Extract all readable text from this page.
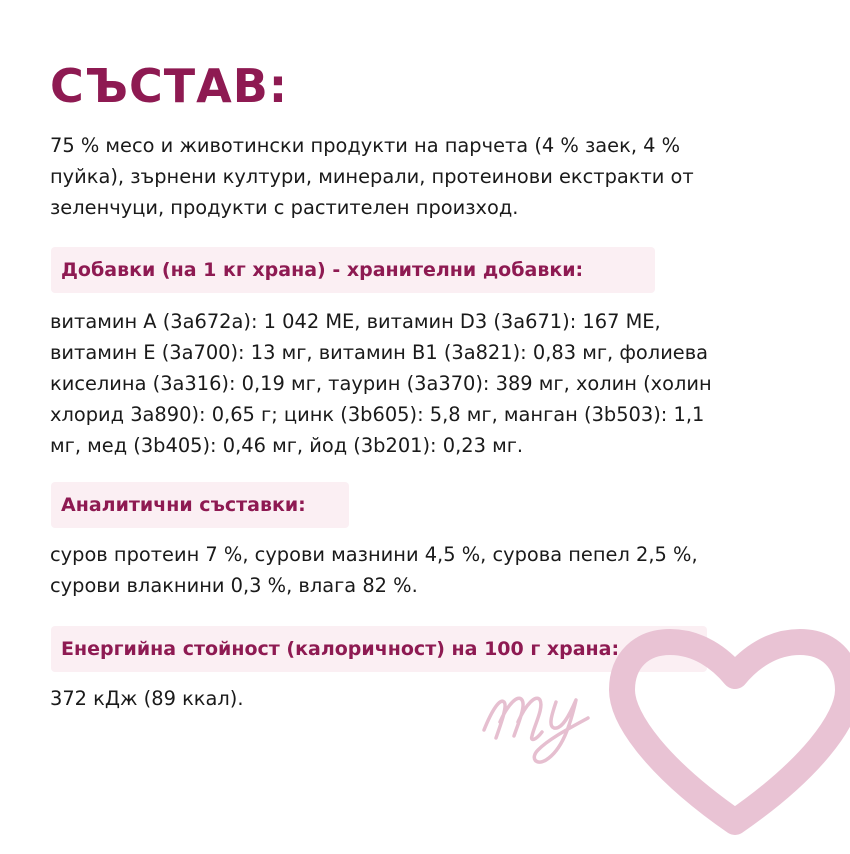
СЪСТАВ:

75 % месо и животински продукти на парчета (4 % заек, 4 %
пуйка), зърнени култури, минерали, протеинови екстракти от
зеленчуци, продукти с растителен произход.

Добавки (на 1 кг храна) - хранителни добавки:

витамин A (3a672a): 1 042 МЕ, витамин D3 (3a671): 167 МЕ,
витамин E (3a700): 13 мг, витамин B1 (3a821): 0,83 мг, фолиева
киселина (3a316): 0,19 мг, таурин (3a370): 389 мг, холин (холин
хлорид 3a890): 0,65 г; цинк (3b605): 5,8 мг, манган (3b503): 1,1
мг, мед (3b405): 0,46 мг, йод (3b201): 0,23 мг.

Аналитични съставки:

суров протеин 7 %, сурови мазнини 4,5 %, сурова пепел 2,5 %,
сурови влакнини 0,3 %, влага 82 %.

Енергийна стойност (калоричност) на 100 г храна:

372 кДж (89 ккал).
